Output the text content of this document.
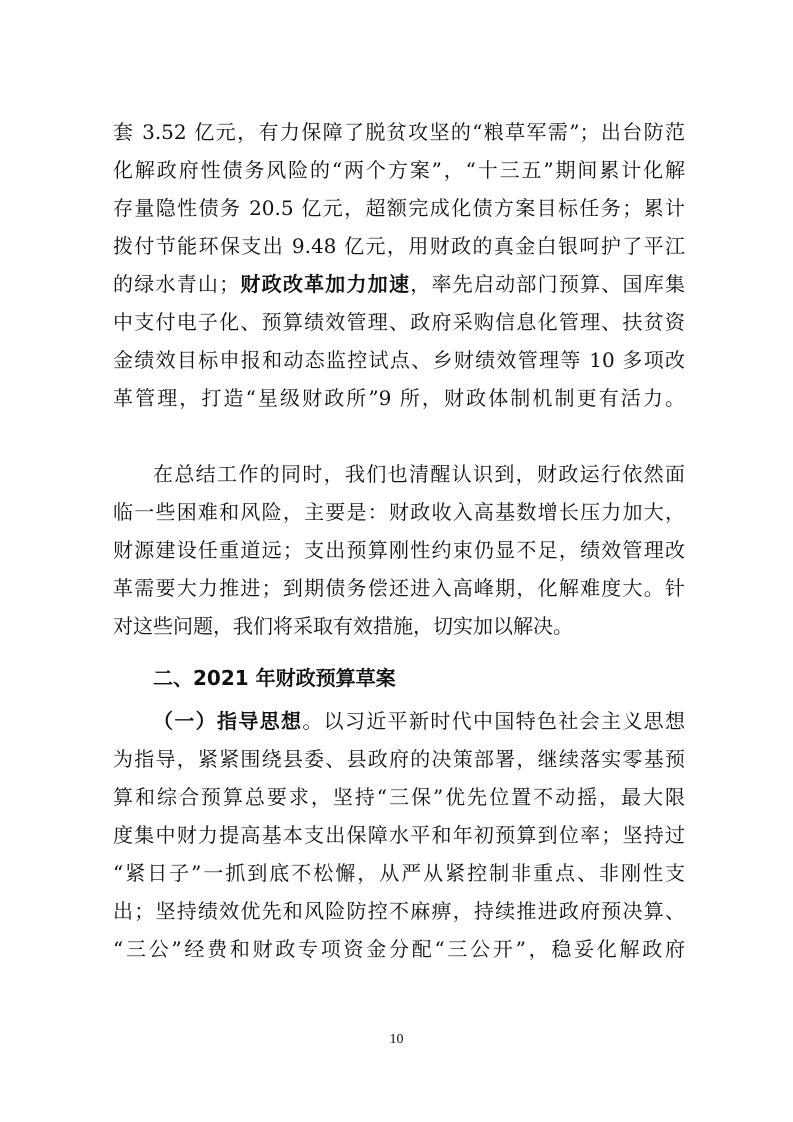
套 3.52 亿元，有力保障了脱贫攻坚的“粮草军需”；出台防范
化解政府性债务风险的“两个方案”，“十三五”期间累计化解
存量隐性债务 20.5 亿元，超额完成化债方案目标任务；累计
拨付节能环保支出 9.48 亿元，用财政的真金白银呵护了平江
的绿水青山；财政改革加力加速，率先启动部门预算、国库集
中支付电子化、预算绩效管理、政府采购信息化管理、扶贫资
金绩效目标申报和动态监控试点、乡财绩效管理等 10 多项改
革管理，打造“星级财政所”9 所，财政体制机制更有活力。
在总结工作的同时，我们也清醒认识到，财政运行依然面
临一些困难和风险，主要是：财政收入高基数增长压力加大，
财源建设任重道远；支出预算刚性约束仍显不足，绩效管理改
革需要大力推进；到期债务偿还进入高峰期，化解难度大。针
对这些问题，我们将采取有效措施，切实加以解决。
二、2021 年财政预算草案
（一）指导思想。以习近平新时代中国特色社会主义思想
为指导，紧紧围绕县委、县政府的决策部署，继续落实零基预
算和综合预算总要求，坚持“三保”优先位置不动摇，最大限
度集中财力提高基本支出保障水平和年初预算到位率；坚持过
“紧日子”一抓到底不松懈，从严从紧控制非重点、非刚性支
出；坚持绩效优先和风险防控不麻痹，持续推进政府预决算、
“三公”经费和财政专项资金分配“三公开”，稳妥化解政府
10
